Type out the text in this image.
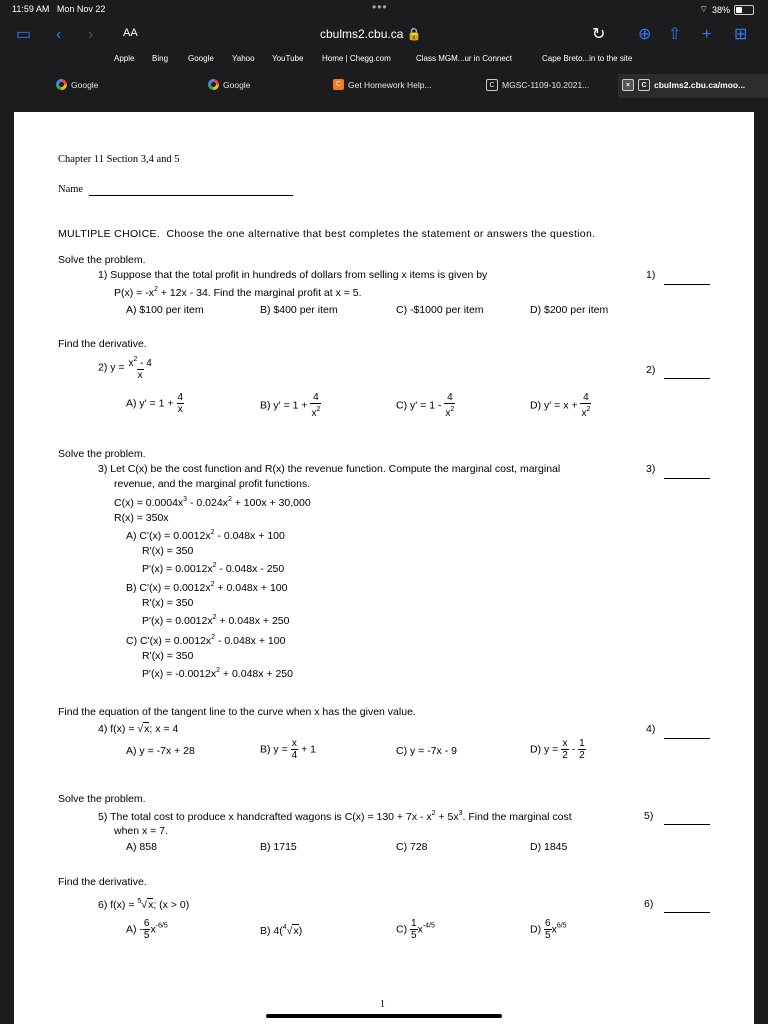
11:59 AM Mon Nov 22	•••	⌔ 38%
▭ ‹ ›	↻ ⊕ ⇧ + ⊞
AA	cbulms2.cbu.ca 🔒
Apple Bing Google Yahoo YouTube Home | Chegg.com	Class MGM...ur in Connect	Cape Breto...in to the site
Google	Google	C Get Homework Help...	C MGSC-1109-10.2021...	×	C cbulms2.cbu.ca/moo...
Chapter 11 Section 3,4 and 5
Name
MULTIPLE CHOICE. Choose the one alternative that best completes the statement or answers the question.
Solve the problem.
1) Suppose that the total profit in hundreds of dollars from selling x items is given by
$P(x) = -x^2 + 12x - 34$. Find the marginal profit at x = 5.
A) $100 per item	B) $400 per item	C) -$1000 per item	D) $200 per item
1)
Find the derivative.
2) $y = \frac{x^2 - 4}{x}$	2)
A) $y' = 1 + \frac{4}{x}$	B) $y' = 1 + \frac{4}{x^2}$	C) $y' = 1 - \frac{4}{x^2}$	D) $y' = x + \frac{4}{x^2}$
Solve the problem.
3) Let C(x) be the cost function and R(x) the revenue function. Compute the marginal cost, marginal
revenue, and the marginal profit functions.
3)
$C(x) = 0.0004x^3 - 0.024x^2 + 100x + 30,000$
R(x) = 350x
A) $C'(x) = 0.0012x^2 - 0.048x + 100$
R'(x) = 350
$P'(x) = 0.0012x^2 - 0.048x - 250$
B) $C'(x) = 0.0012x^2 + 0.048x + 100$
R'(x) = 350
$P'(x) = 0.0012x^2 + 0.048x + 250$
C) $C'(x) = 0.0012x^2 - 0.048x + 100$
R'(x) = 350
$P'(x) = -0.0012x^2 + 0.048x + 250$
Find the equation of the tangent line to the curve when x has the given value.
4) f(x) = √x; x = 4	4)
A) y = -7x + 28	B) $y = \frac{x}{4} + 1$	C) y = -7x - 9	D) $y = \frac{x}{2} - \frac{1}{2}$
Solve the problem.
5) The total cost to produce x handcrafted wagons is $C(x) = 130 + 7x - x^2 + 5x^3$. Find the marginal cost
when x = 7.
5)
A) 858	B) 1715	C) 728	D) 1845
Find the derivative.
6) f(x) = $^5$√x; (x > 0)	6)
$A) - \frac{6}{5} x^{-6/5}$	B) 4($^4$√x)	$C) \frac{1}{5} x^{-4/5}$	$D) \frac{6}{5} x^{6/5}$
1
